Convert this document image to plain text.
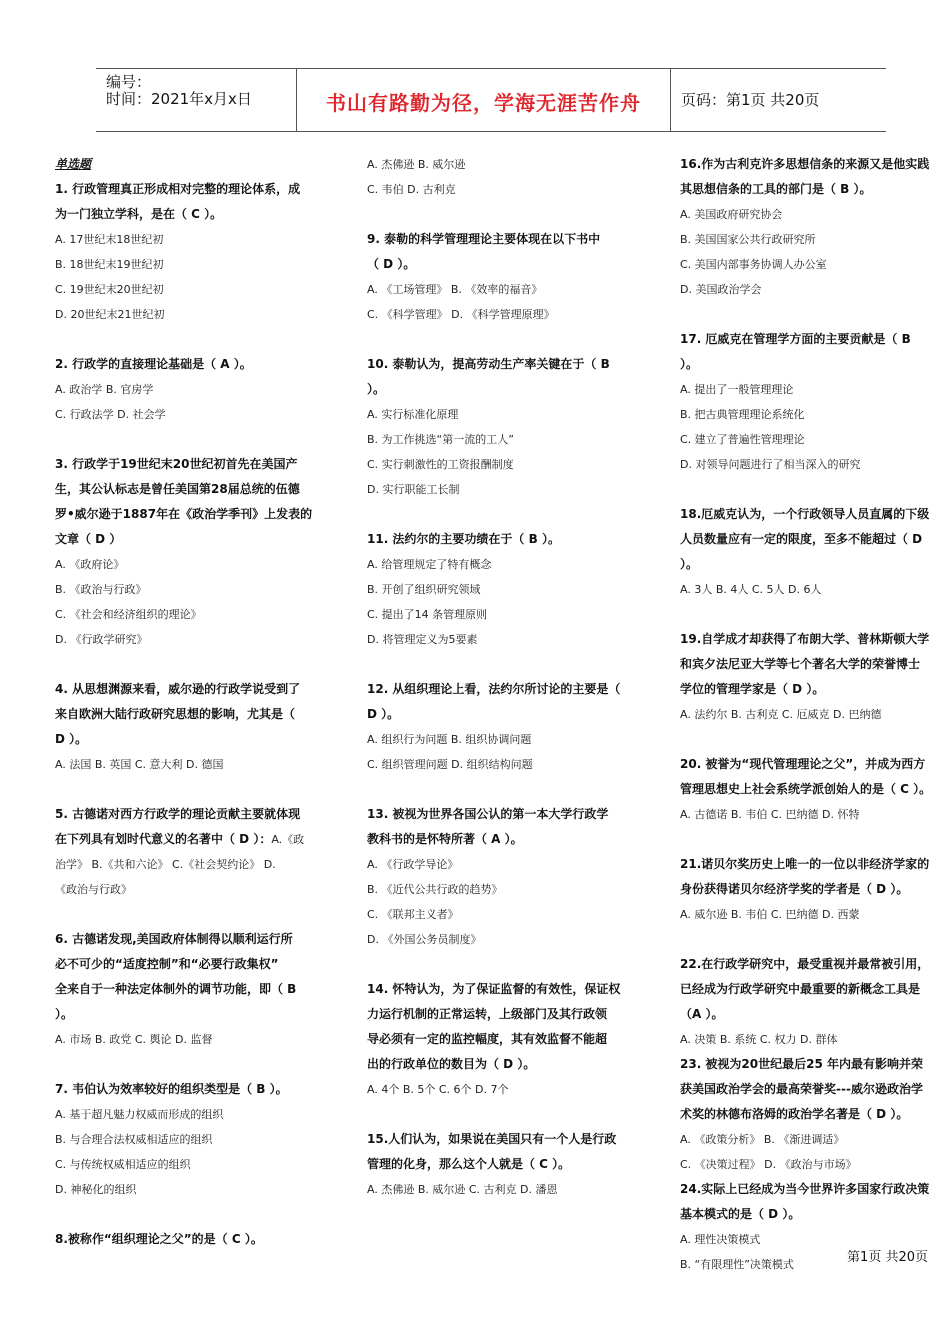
编号：
时间：2021年x月x日	书山有路勤为径，学海无涯苦作舟	页码：第1页 共20页
单选题
1. 行政管理真正形成相对完整的理论体系，成
为一门独立学科，是在（ C ）。
A. 17世纪末18世纪初
B. 18世纪末19世纪初
C. 19世纪末20世纪初
D. 20世纪末21世纪初
2. 行政学的直接理论基础是（ A ）。
A. 政治学 B. 官房学
C. 行政法学 D. 社会学
3. 行政学于19世纪末20世纪初首先在美国产
生，其公认标志是曾任美国第28届总统的伍德
罗•威尔逊于1887年在《政治学季刊》上发表的
文章（ D ）
A. 《政府论》
B. 《政治与行政》
C. 《社会和经济组织的理论》
D. 《行政学研究》
4. 从思想渊源来看，威尔逊的行政学说受到了
来自欧洲大陆行政研究思想的影响，尤其是（
D ）。
A. 法国 B. 英国 C. 意大利 D. 德国
5. 古德诺对西方行政学的理论贡献主要就体现
在下列具有划时代意义的名著中（ D ）：A.《政
治学》 B.《共和六论》 C.《社会契约论》 D.
《政治与行政》
6. 古德诺发现,美国政府体制得以顺利运行所
必不可少的“适度控制”和“必要行政集权”
全来自于一种法定体制外的调节功能，即（ B
）。
A. 市场 B. 政党 C. 舆论 D. 监督
7. 韦伯认为效率较好的组织类型是（ B ）。
A. 基于超凡魅力权威而形成的组织
B. 与合理合法权威相适应的组织
C. 与传统权威相适应的组织
D. 神秘化的组织
8.被称作“组织理论之父”的是（ C ）。
A. 杰佛逊 B. 威尔逊
C. 韦伯 D. 古利克
9. 泰勒的科学管理理论主要体现在以下书中
（ D ）。
A. 《工场管理》 B. 《效率的福音》
C. 《科学管理》 D. 《科学管理原理》
10. 泰勒认为，提高劳动生产率关键在于（ B
）。
A. 实行标准化原理
B. 为工作挑选“第一流的工人”
C. 实行刺激性的工资报酬制度
D. 实行职能工长制
11. 法约尔的主要功绩在于（ B ）。
A. 给管理规定了特有概念
B. 开创了组织研究领域
C. 提出了14 条管理原则
D. 将管理定义为5要素
12. 从组织理论上看，法约尔所讨论的主要是（
D ）。
A. 组织行为问题 B. 组织协调问题
C. 组织管理问题 D. 组织结构问题
13. 被视为世界各国公认的第一本大学行政学
教科书的是怀特所著（ A ）。
A. 《行政学导论》
B. 《近代公共行政的趋势》
C. 《联邦主义者》
D. 《外国公务员制度》
14. 怀特认为，为了保证监督的有效性，保证权
力运行机制的正常运转，上级部门及其行政领
导必须有一定的监控幅度，其有效监督不能超
出的行政单位的数目为（ D ）。
A. 4个 B. 5个 C. 6个 D. 7个
15.人们认为，如果说在美国只有一个人是行政
管理的化身，那么这个人就是（ C ）。
A. 杰佛逊 B. 威尔逊 C. 古利克 D. 潘恩
16.作为古利克许多思想信条的来源又是他实践
其思想信条的工具的部门是（ B ）。
A. 美国政府研究协会
B. 美国国家公共行政研究所
C. 美国内部事务协调人办公室
D. 美国政治学会
17. 厄威克在管理学方面的主要贡献是（ B ）。
A. 提出了一般管理理论
B. 把古典管理理论系统化
C. 建立了普遍性管理理论
D. 对领导问题进行了相当深入的研究
18.厄威克认为，一个行政领导人员直属的下级
人员数量应有一定的限度，至多不能超过（ D
）。
A. 3人 B. 4人 C. 5人 D. 6人
19.自学成才却获得了布朗大学、普林斯顿大学
和宾夕法尼亚大学等七个著名大学的荣誉博士
学位的管理学家是（ D ）。
A. 法约尔 B. 古利克 C. 厄威克 D. 巴纳德
20. 被誉为“现代管理理论之父”，并成为西方
管理思想史上社会系统学派创始人的是（ C ）。
A. 古德诺 B. 韦伯 C. 巴纳德 D. 怀特
21.诺贝尔奖历史上唯一的一位以非经济学家的
身份获得诺贝尔经济学奖的学者是（ D ）。
A. 威尔逊 B. 韦伯 C. 巴纳德 D. 西蒙
22.在行政学研究中，最受重视并最常被引用，
已经成为行政学研究中最重要的新概念工具是
（A ）。
A. 决策 B. 系统 C. 权力 D. 群体
23. 被视为20世纪最后25 年内最有影响并荣
获美国政治学会的最高荣誉奖---威尔逊政治学
术奖的林德布洛姆的政治学名著是（ D ）。
A. 《政策分析》 B. 《渐进调适》
C. 《决策过程》 D. 《政治与市场》
24.实际上已经成为当今世界许多国家行政决策
基本模式的是（ D ）。
A. 理性决策模式
B. “有限理性”决策模式	第1页 共20页
